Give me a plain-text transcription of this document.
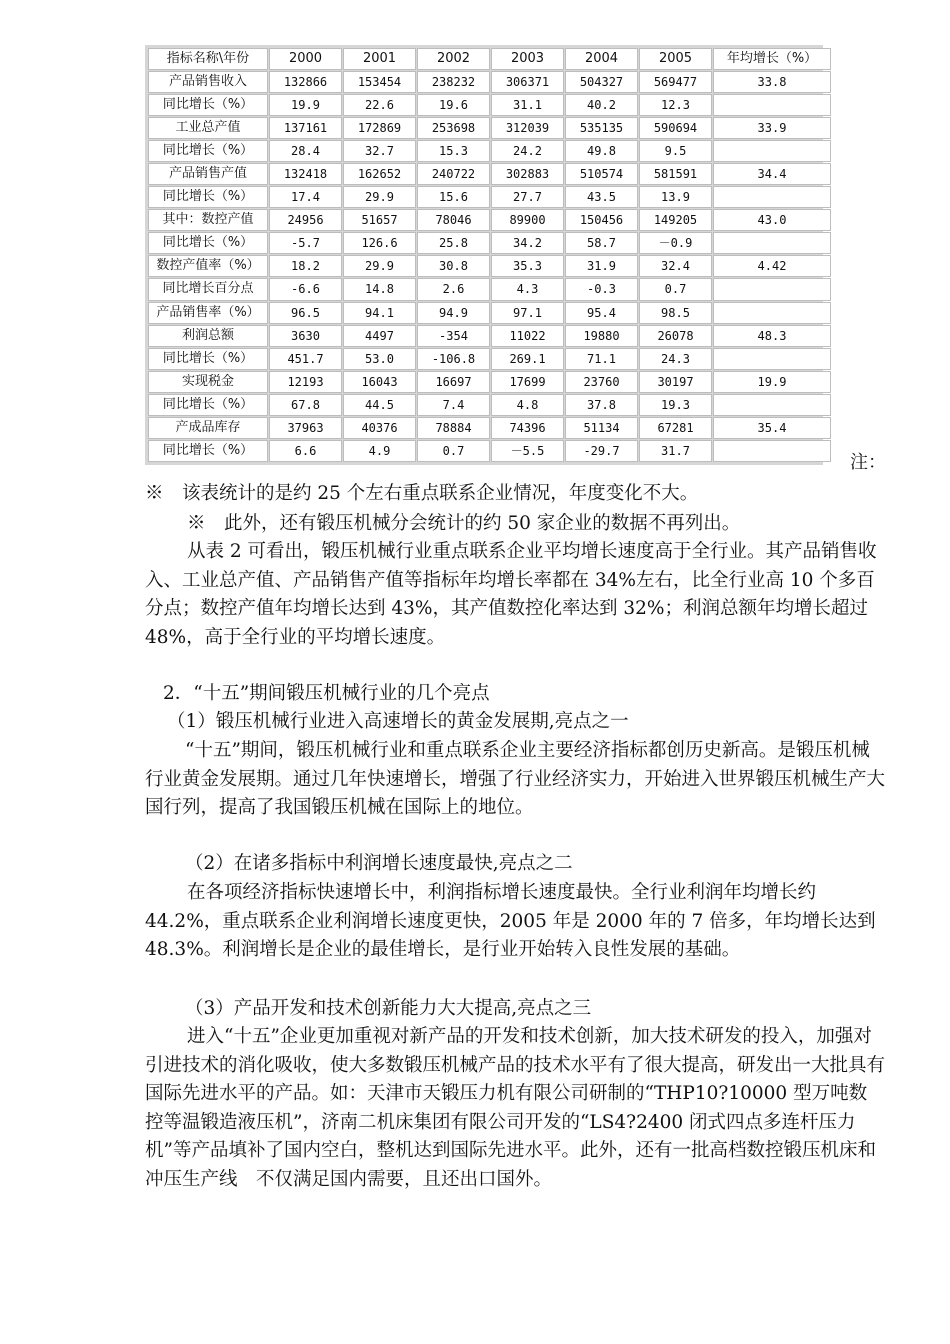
指标名称\年份	2000	2001	2002	2003	2004	2005	年均增长（%）
产品销售收入	132866	153454	238232	306371	504327	569477	33.8
同比增长（%）	19.9	22.6	19.6	31.1	40.2	12.3	
工业总产值	137161	172869	253698	312039	535135	590694	33.9
同比增长（%）	28.4	32.7	15.3	24.2	49.8	9.5	
产品销售产值	132418	162652	240722	302883	510574	581591	34.4
同比增长（%）	17.4	29.9	15.6	27.7	43.5	13.9	
其中：数控产值	24956	51657	78046	89900	150456	149205	43.0
同比增长（%）	-5.7	126.6	25.8	34.2	58.7	－0.9	
数控产值率（%）	18.2	29.9	30.8	35.3	31.9	32.4	4.42
同比增长百分点	-6.6	14.8	2.6	4.3	-0.3	0.7	
产品销售率（%）	96.5	94.1	94.9	97.1	95.4	98.5	
利润总额	3630	4497	-354	11022	19880	26078	48.3
同比增长（%）	451.7	53.0	-106.8	269.1	71.1	24.3	
实现税金	12193	16043	16697	17699	23760	30197	19.9
同比增长（%）	67.8	44.5	7.4	4.8	37.8	19.3	
产成品库存	37963	40376	78884	74396	51134	67281	35.4
同比增长（%）	6.6	4.9	0.7	－5.5	-29.7	31.7	
注：
※　该表统计的是约 25 个左右重点联系企业情况，年度变化不大。
※　此外，还有锻压机械分会统计的约 50 家企业的数据不再列出。
从表 2 可看出，锻压机械行业重点联系企业平均增长速度高于全行业。其产品销售收入、工业总产值、产品销售产值等指标年均增长率都在 34%左右，比全行业高 10 个多百分点；数控产值年均增长达到 43%，其产值数控化率达到 32%；利润总额年均增长超过 48%，高于全行业的平均增长速度。
2．“十五”期间锻压机械行业的几个亮点
（1）锻压机械行业进入高速增长的黄金发展期,亮点之一
“十五”期间，锻压机械行业和重点联系企业主要经济指标都创历史新高。是锻压机械行业黄金发展期。通过几年快速增长，增强了行业经济实力，开始进入世界锻压机械生产大国行列，提高了我国锻压机械在国际上的地位。
（2）在诸多指标中利润增长速度最快,亮点之二
在各项经济指标快速增长中，利润指标增长速度最快。全行业利润年均增长约 44.2%，重点联系企业利润增长速度更快，2005 年是 2000 年的 7 倍多，年均增长达到 48.3%。利润增长是企业的最佳增长，是行业开始转入良性发展的基础。
（3）产品开发和技术创新能力大大提高,亮点之三
进入“十五”企业更加重视对新产品的开发和技术创新，加大技术研发的投入，加强对引进技术的消化吸收，使大多数锻压机械产品的技术水平有了很大提高，研发出一大批具有国际先进水平的产品。如：天津市天锻压力机有限公司研制的“THP10?10000 型万吨数控等温锻造液压机”，济南二机床集团有限公司开发的“LS4?2400 闭式四点多连杆压力机”等产品填补了国内空白，整机达到国际先进水平。此外，还有一批高档数控锻压机床和冲压生产线　不仅满足国内需要，且还出口国外。
